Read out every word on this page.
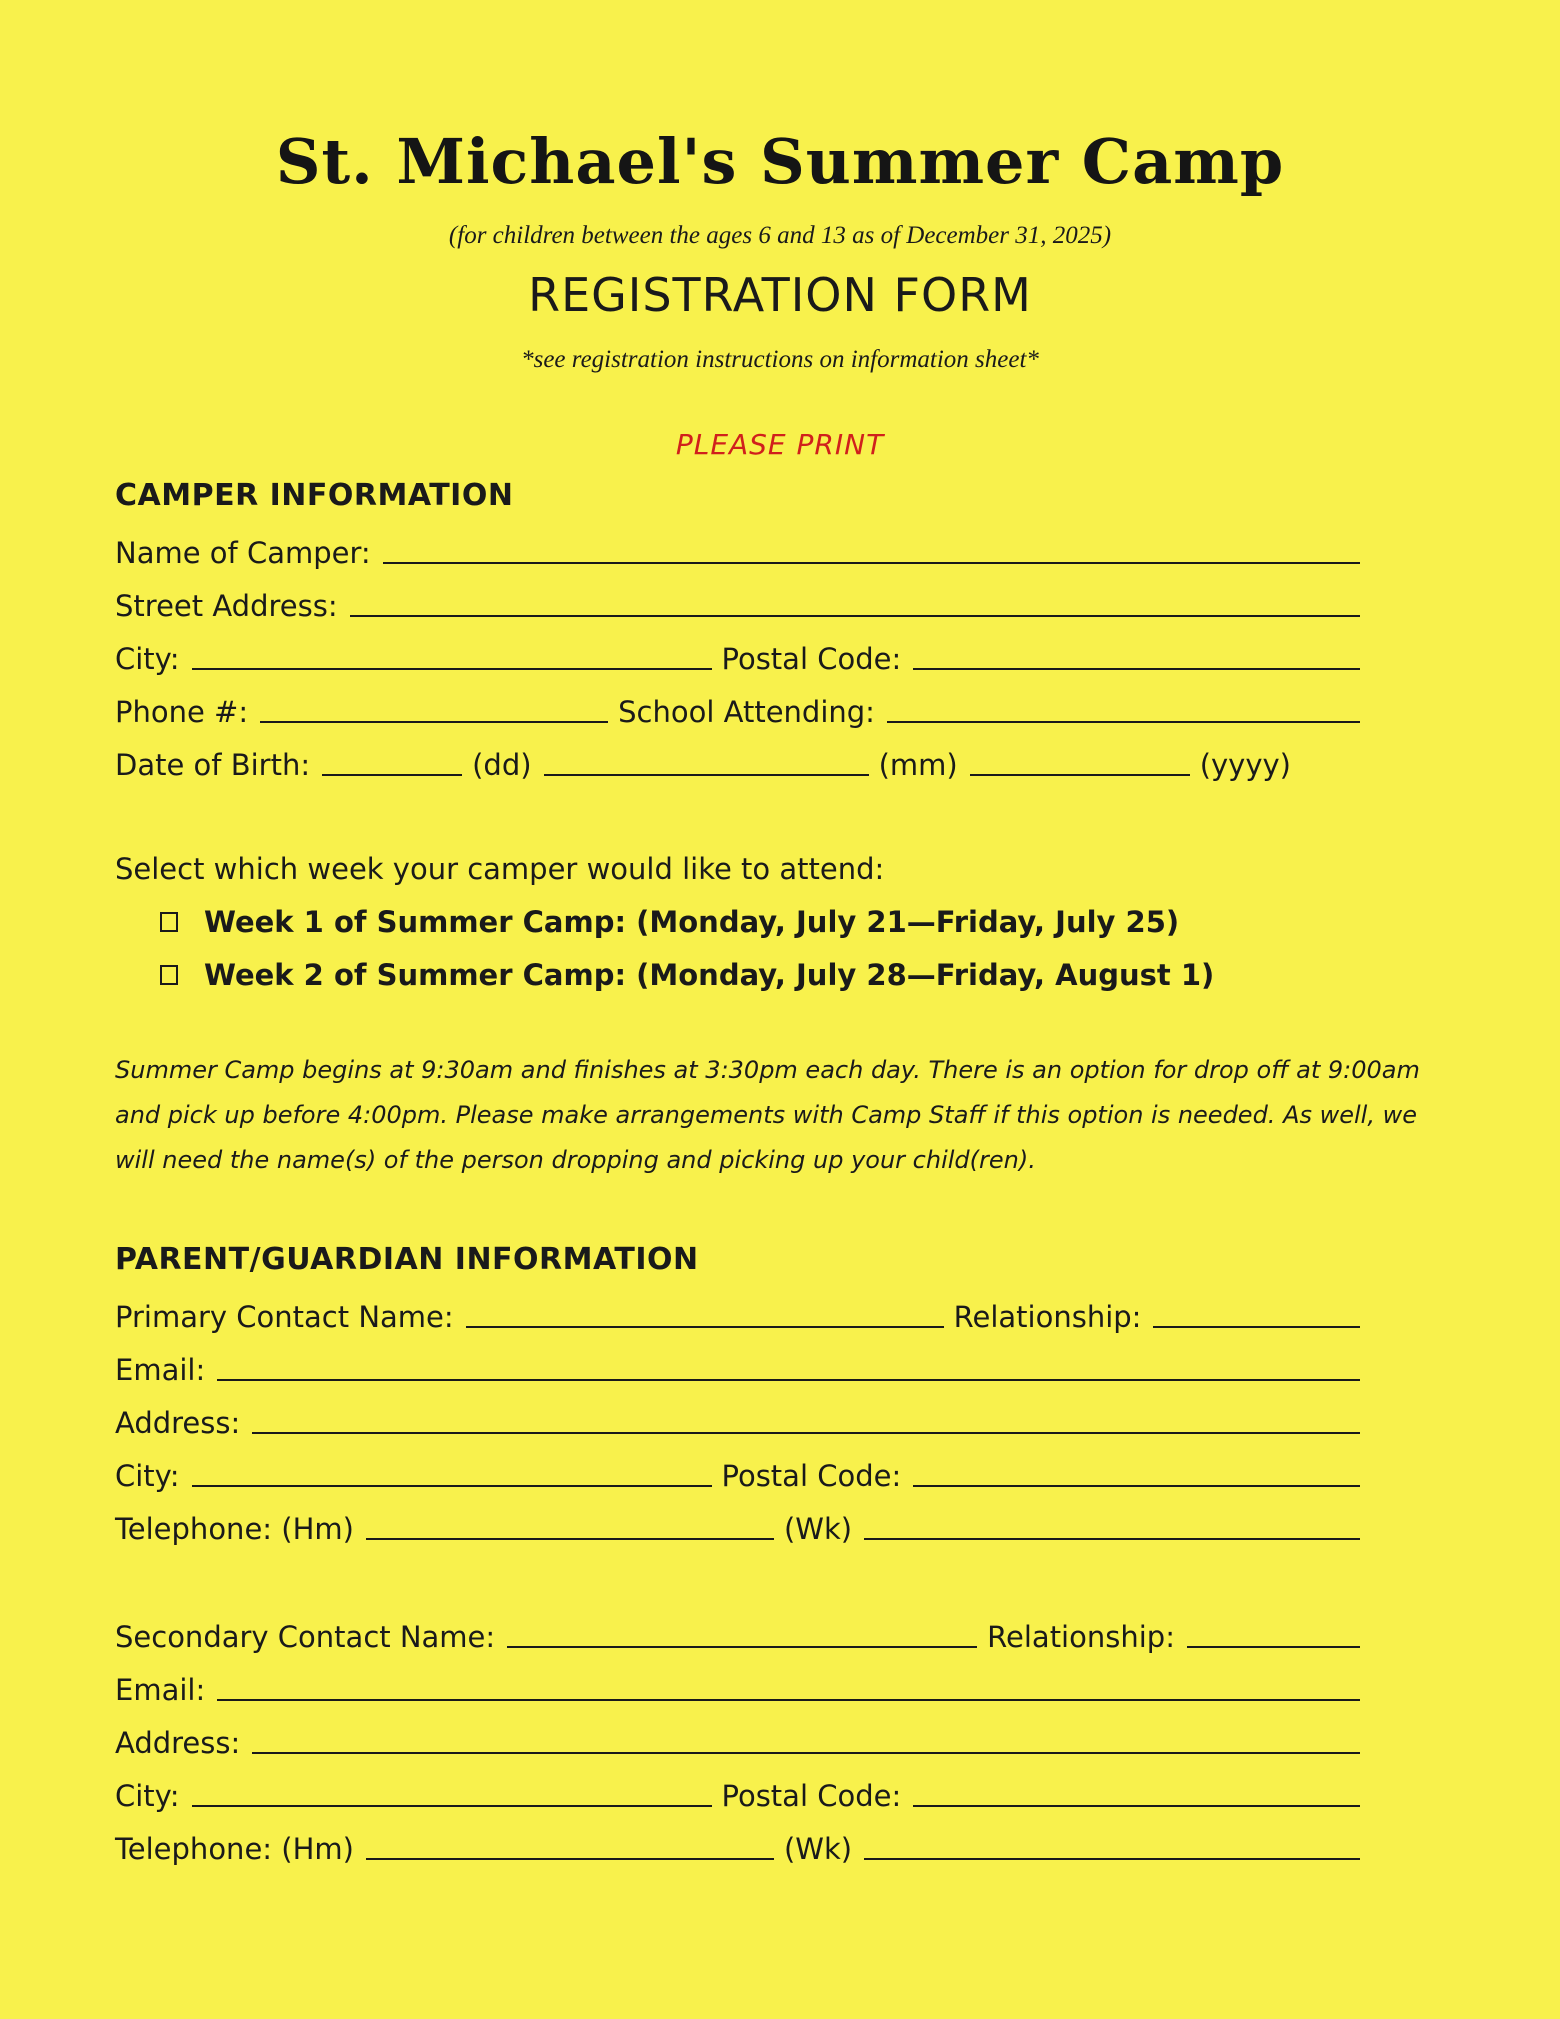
St. Michael's Summer Camp
(for children between the ages 6 and 13 as of December 31, 2025)
REGISTRATION FORM
*see registration instructions on information sheet*
PLEASE PRINT
CAMPER INFORMATION
Name of Camper:
Street Address:
City:	Postal Code:
Phone #:	School Attending:
Date of Birth:	(dd)	(mm)	(yyyy)
Select which week your camper would like to attend:
Week 1 of Summer Camp: (Monday, July 21—Friday, July 25)
Week 2 of Summer Camp: (Monday, July 28—Friday, August 1)
Summer Camp begins at 9:30am and finishes at 3:30pm each day. There is an option for drop off at 9:00am and pick up before 4:00pm. Please make arrangements with Camp Staff if this option is needed. As well, we will need the name(s) of the person dropping and picking up your child(ren).
PARENT/GUARDIAN INFORMATION
Primary Contact Name:	Relationship:
Email:
Address:
City:	Postal Code:
Telephone: (Hm)	(Wk)
Secondary Contact Name:	Relationship:
Email:
Address:
City:	Postal Code:
Telephone: (Hm)	(Wk)
